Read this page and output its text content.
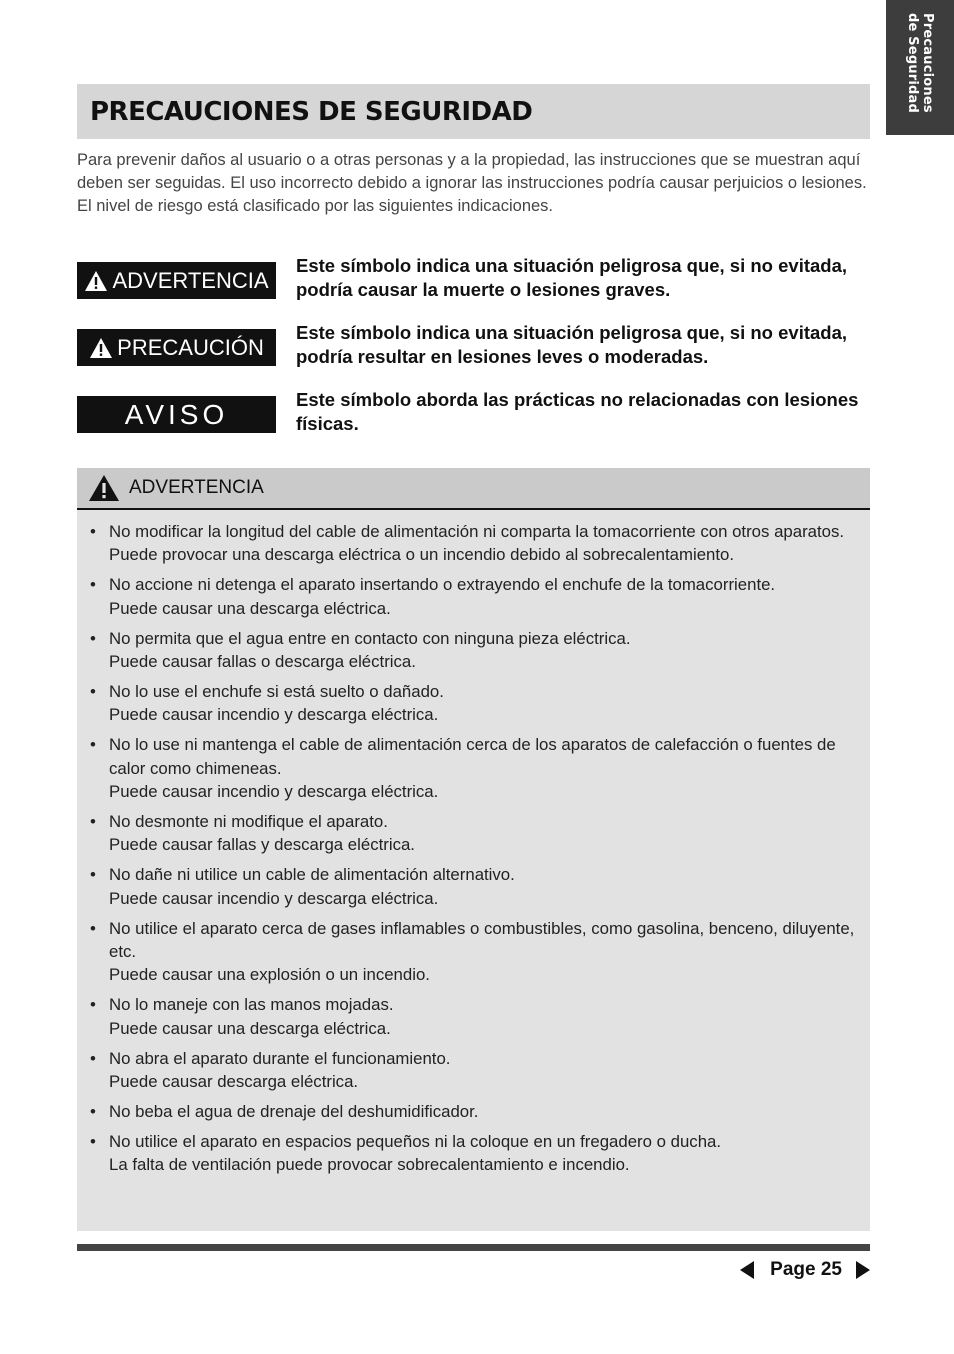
Precauciones
de Seguridad
PRECAUCIONES DE SEGURIDAD

Para prevenir daños al usuario o a otras personas y a la propiedad, las instrucciones que se muestran aquí deben ser seguidas. El uso incorrecto debido a ignorar las instrucciones podría causar perjuicios o lesiones. El nivel de riesgo está clasificado por las siguientes indicaciones.

ADVERTENCIA
Este símbolo indica una situación peligrosa que, si no evitada, podría causar la muerte o lesiones graves.
PRECAUCIÓN
Este símbolo indica una situación peligrosa que, si no evitada, podría resultar en lesiones leves o moderadas.
AVISO	Este símbolo aborda las prácticas no relacionadas con lesiones físicas.
ADVERTENCIA
• No modificar la longitud del cable de alimentación ni comparta la tomacorriente con otros aparatos.
Puede provocar una descarga eléctrica o un incendio debido al sobrecalentamiento.
• No accione ni detenga el aparato insertando o extrayendo el enchufe de la tomacorriente.
Puede causar una descarga eléctrica.
• No permita que el agua entre en contacto con ninguna pieza eléctrica.
Puede causar fallas o descarga eléctrica.
• No lo use el enchufe si está suelto o dañado.
Puede causar incendio y descarga eléctrica.
• No lo use ni mantenga el cable de alimentación cerca de los aparatos de calefacción o fuentes de calor como chimeneas.
Puede causar incendio y descarga eléctrica.
• No desmonte ni modifique el aparato.
Puede causar fallas y descarga eléctrica.
• No dañe ni utilice un cable de alimentación alternativo.
Puede causar incendio y descarga eléctrica.
• No utilice el aparato cerca de gases inflamables o combustibles, como gasolina, benceno, diluyente, etc.
Puede causar una explosión o un incendio.
• No lo maneje con las manos mojadas.
Puede causar una descarga eléctrica.
• No abra el aparato durante el funcionamiento.
Puede causar descarga eléctrica.
• No beba el agua de drenaje del deshumidificador.
• No utilice el aparato en espacios pequeños ni la coloque en un fregadero o ducha.
La falta de ventilación puede provocar sobrecalentamiento e incendio.
Page 25
